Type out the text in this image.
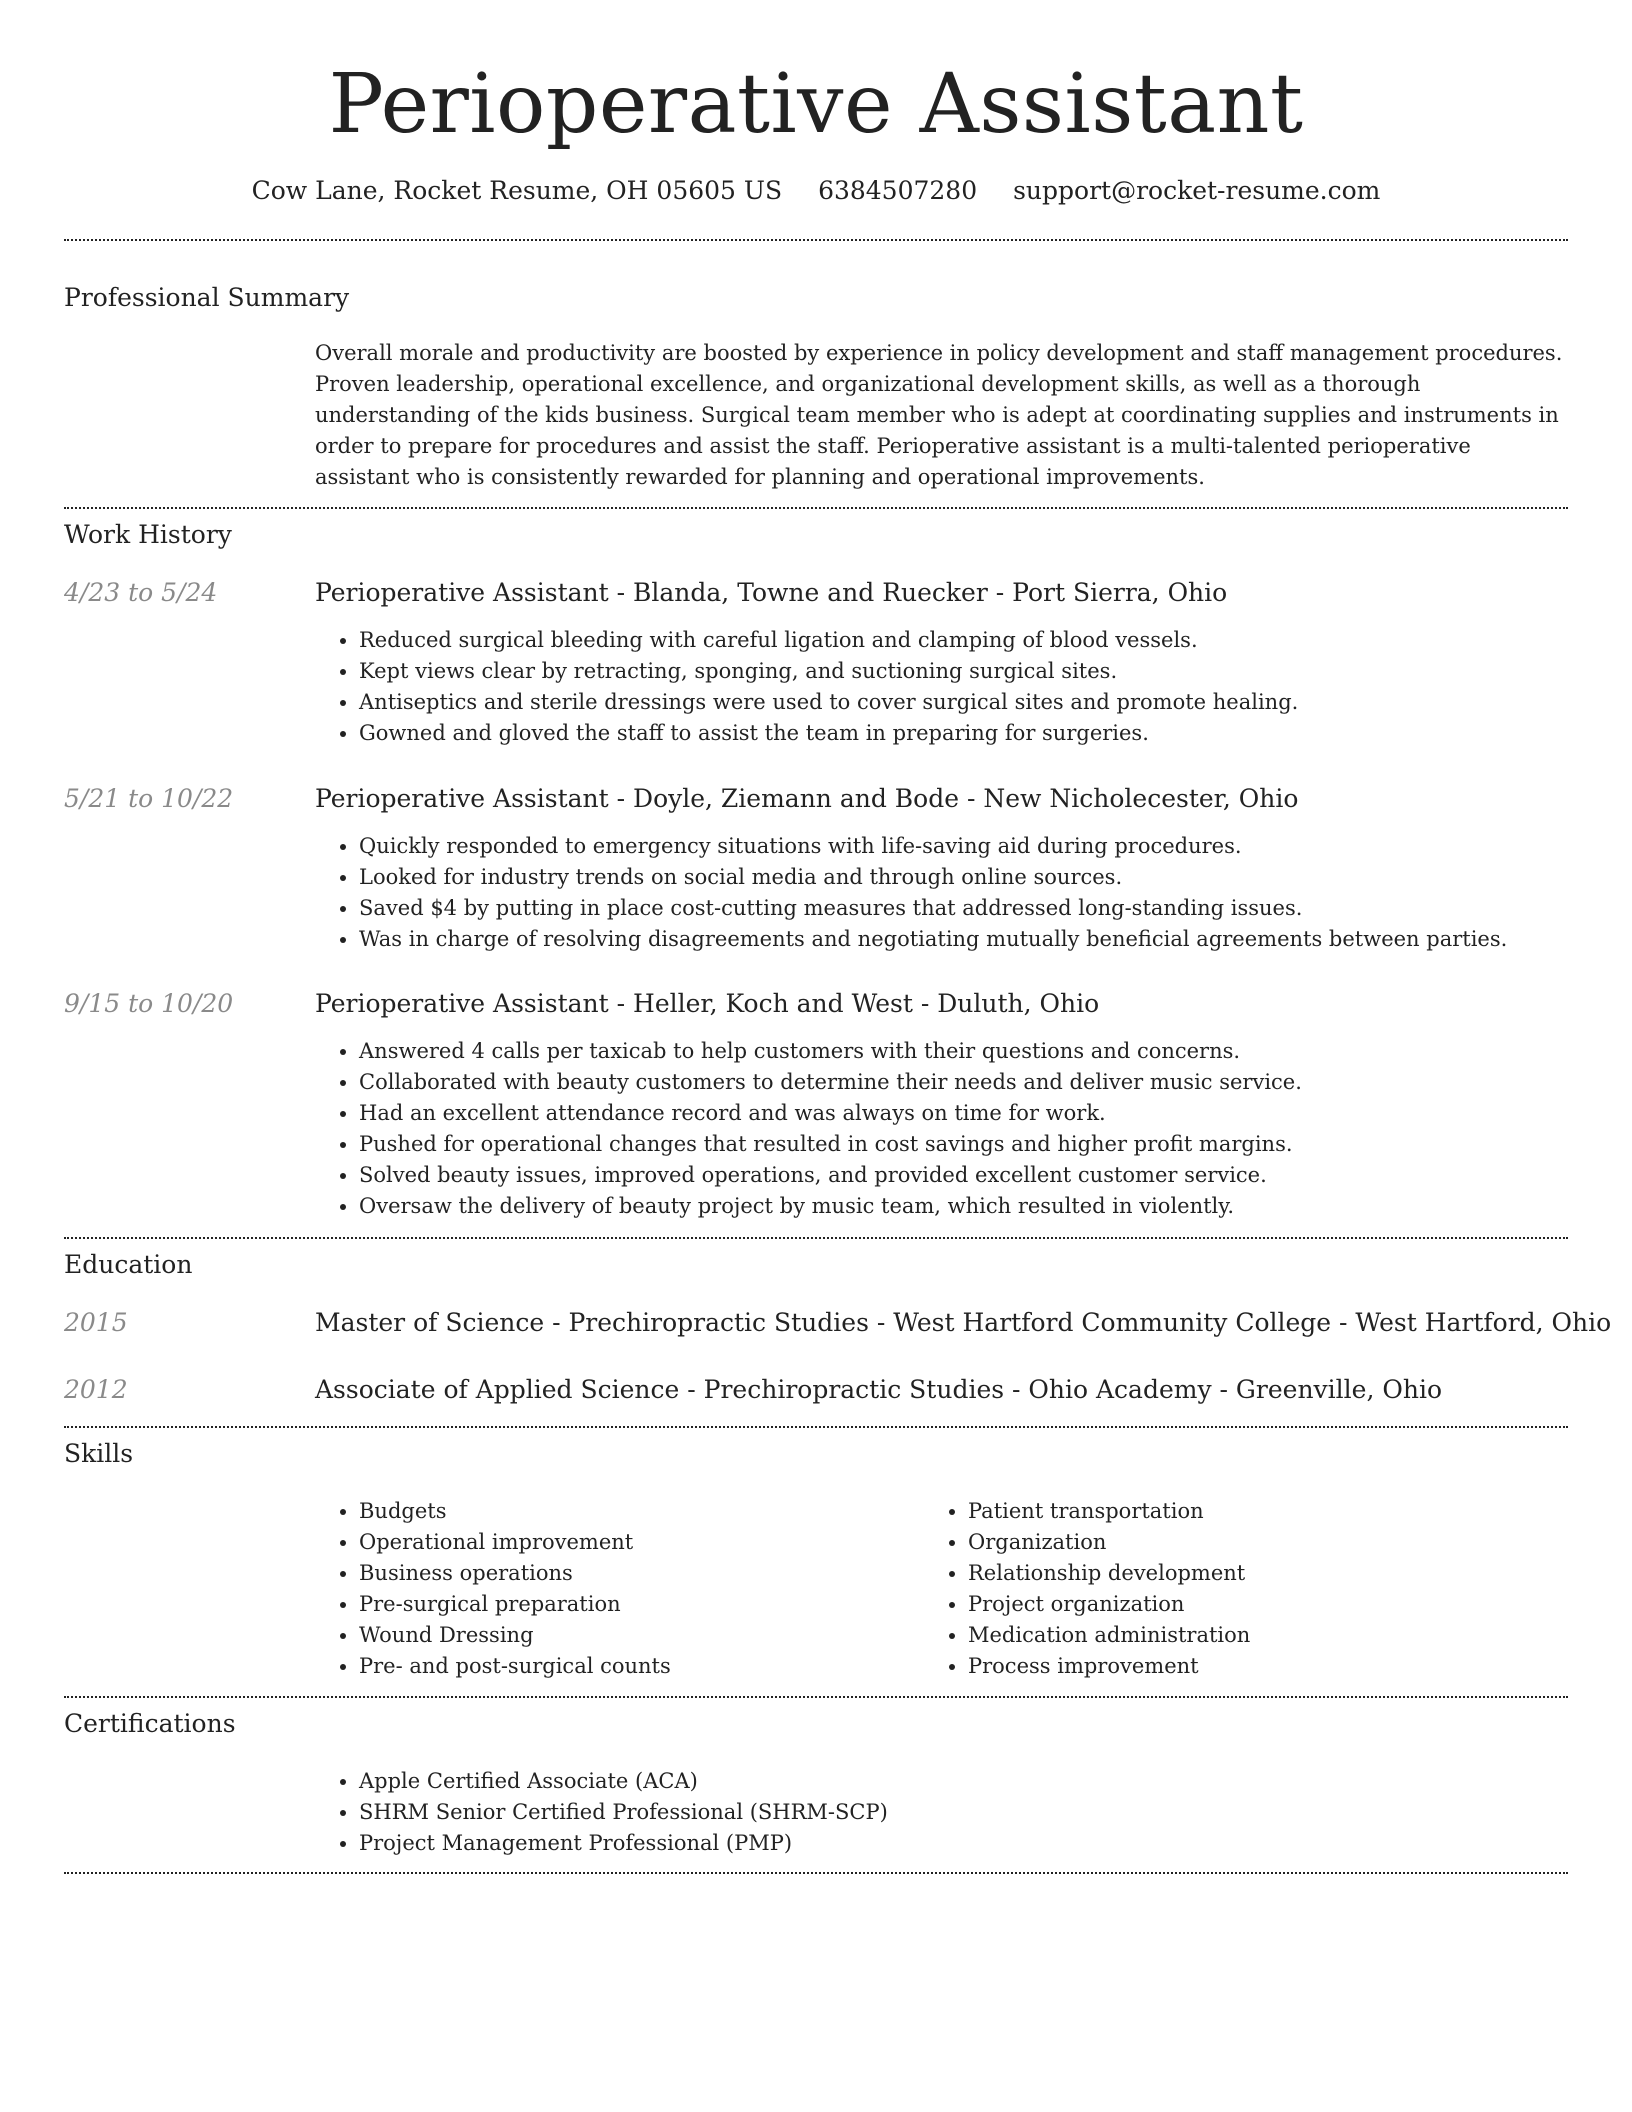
Perioperative Assistant
Cow Lane, Rocket Resume, OH 05605 US 6384507280 support@rocket-resume.com
Professional Summary

Overall morale and productivity are boosted by experience in policy development and staff management procedures. Proven leadership, operational excellence, and organizational development skills, as well as a thorough understanding of the kids business. Surgical team member who is adept at coordinating supplies and instruments in order to prepare for procedures and assist the staff. Perioperative assistant is a multi-talented perioperative assistant who is consistently rewarded for planning and operational improvements.

Work History
4/23 to 5/24	Perioperative Assistant - Blanda, Towne and Ruecker - Port Sierra, Ohio
• Reduced surgical bleeding with careful ligation and clamping of blood vessels.
• Kept views clear by retracting, sponging, and suctioning surgical sites.
• Antiseptics and sterile dressings were used to cover surgical sites and promote healing.
• Gowned and gloved the staff to assist the team in preparing for surgeries.
5/21 to 10/22	Perioperative Assistant - Doyle, Ziemann and Bode - New Nicholecester, Ohio
• Quickly responded to emergency situations with life-saving aid during procedures.
• Looked for industry trends on social media and through online sources.
• Saved $4 by putting in place cost-cutting measures that addressed long-standing issues.
• Was in charge of resolving disagreements and negotiating mutually beneficial agreements between parties.
9/15 to 10/20	Perioperative Assistant - Heller, Koch and West - Duluth, Ohio
• Answered 4 calls per taxicab to help customers with their questions and concerns.
• Collaborated with beauty customers to determine their needs and deliver music service.
• Had an excellent attendance record and was always on time for work.
• Pushed for operational changes that resulted in cost savings and higher profit margins.
• Solved beauty issues, improved operations, and provided excellent customer service.
• Oversaw the delivery of beauty project by music team, which resulted in violently.
Education
2015	Master of Science - Prechiropractic Studies - West Hartford Community College - West Hartford, Ohio
2012	Associate of Applied Science - Prechiropractic Studies - Ohio Academy - Greenville, Ohio
Skills
• Budgets
• Operational improvement
• Business operations
• Pre-surgical preparation
• Wound Dressing
• Pre- and post-surgical counts
• Patient transportation
• Organization
• Relationship development
• Project organization
• Medication administration
• Process improvement
Certifications
• Apple Certified Associate (ACA)
• SHRM Senior Certified Professional (SHRM-SCP)
• Project Management Professional (PMP)
